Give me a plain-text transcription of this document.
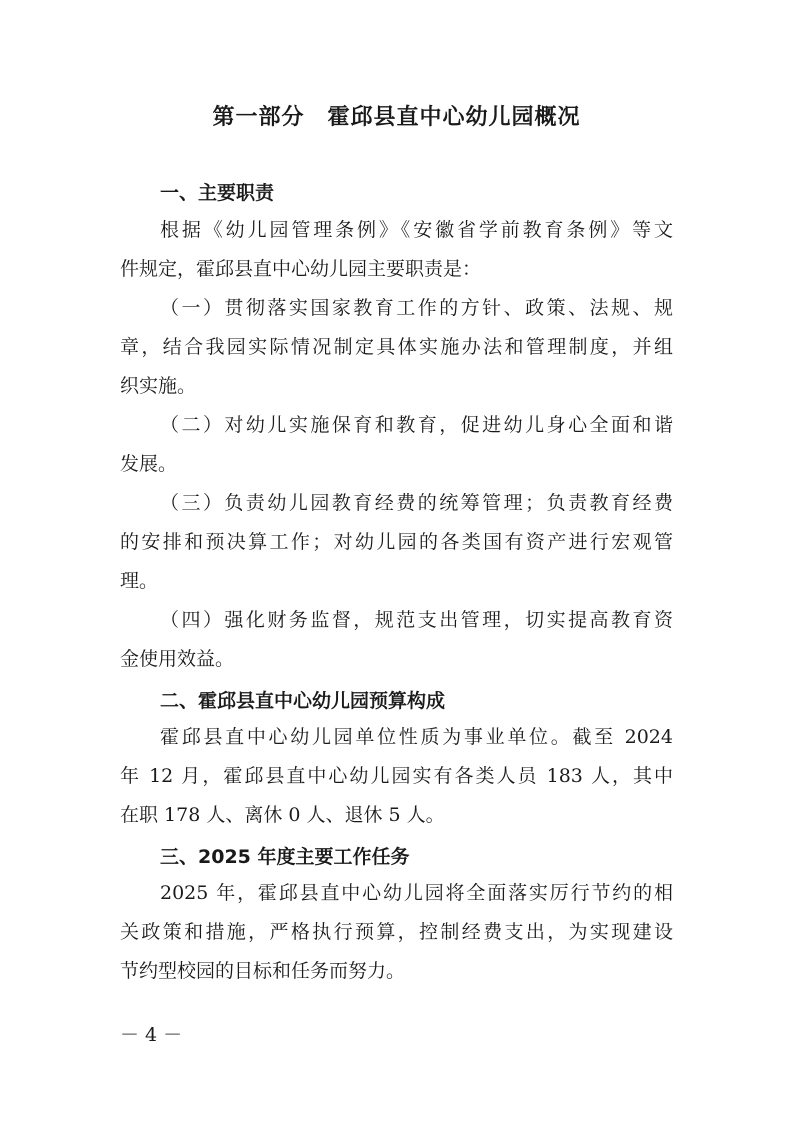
第一部分　霍邱县直中心幼儿园概况
一、主要职责
根据《幼儿园管理条例》《安徽省学前教育条例》等文
件规定，霍邱县直中心幼儿园主要职责是：
（一）贯彻落实国家教育工作的方针、政策、法规、规
章，结合我园实际情况制定具体实施办法和管理制度，并组
织实施。
（二）对幼儿实施保育和教育，促进幼儿身心全面和谐
发展。
（三）负责幼儿园教育经费的统筹管理；负责教育经费
的安排和预决算工作；对幼儿园的各类国有资产进行宏观管
理。
（四）强化财务监督，规范支出管理，切实提高教育资
金使用效益。
二、霍邱县直中心幼儿园预算构成
霍邱县直中心幼儿园单位性质为事业单位。截至 2024
年 12 月，霍邱县直中心幼儿园实有各类人员 183 人，其中
在职 178 人、离休 0 人、退休 5 人。
三、2025 年度主要工作任务
2025 年，霍邱县直中心幼儿园将全面落实厉行节约的相
关政策和措施，严格执行预算，控制经费支出，为实现建设
节约型校园的目标和任务而努力。
－ 4 －
